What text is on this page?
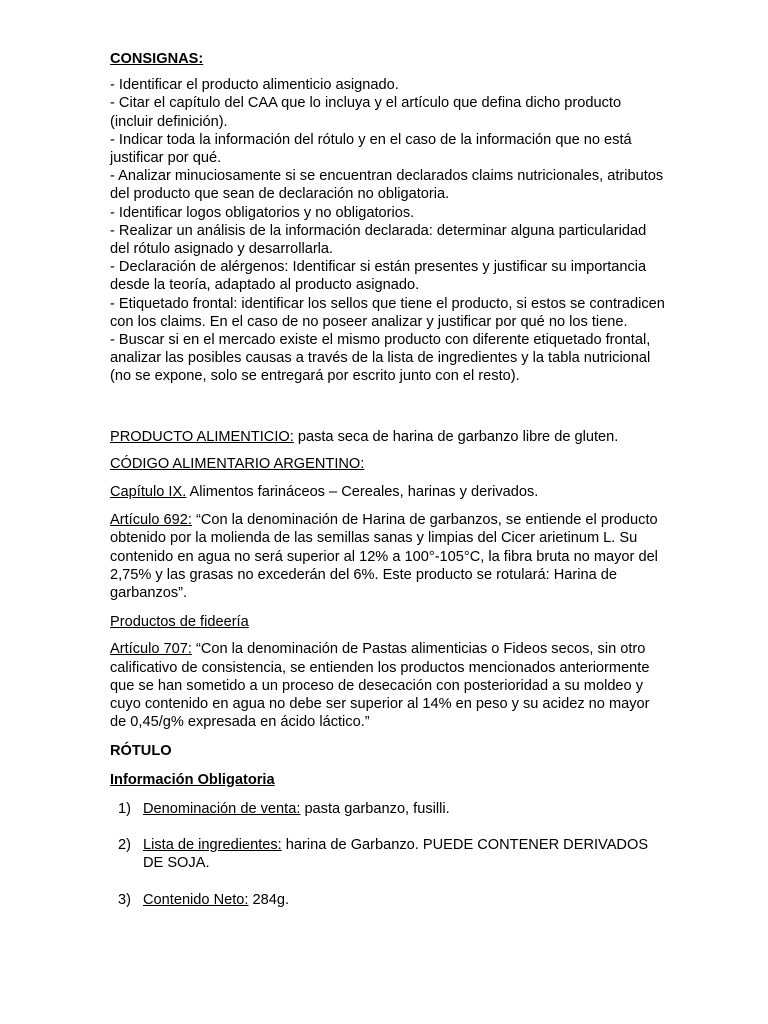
CONSIGNAS:

- Identificar el producto alimenticio asignado.

- Citar el capítulo del CAA que lo incluya y el artículo que defina dicho producto (incluir definición).

- Indicar toda la información del rótulo y en el caso de la información que no está justificar por qué.

- Analizar minuciosamente si se encuentran declarados claims nutricionales, atributos del producto que sean de declaración no obligatoria.

- Identificar logos obligatorios y no obligatorios.

- Realizar un análisis de la información declarada: determinar alguna particularidad del rótulo asignado y desarrollarla.

- Declaración de alérgenos: Identificar si están presentes y justificar su importancia desde la teoría, adaptado al producto asignado.

- Etiquetado frontal: identificar los sellos que tiene el producto, si estos se contradicen con los claims. En el caso de no poseer analizar y justificar por qué no los tiene.

- Buscar si en el mercado existe el mismo producto con diferente etiquetado frontal, analizar las posibles causas a través de la lista de ingredientes y la tabla nutricional (no se expone, solo se entregará por escrito junto con el resto).

PRODUCTO ALIMENTICIO: pasta seca de harina de garbanzo libre de gluten.

CÓDIGO ALIMENTARIO ARGENTINO:

Capítulo IX. Alimentos farináceos – Cereales, harinas y derivados.

Artículo 692: “Con la denominación de Harina de garbanzos, se entiende el producto obtenido por la molienda de las semillas sanas y limpias del Cicer arietinum L. Su contenido en agua no será superior al 12% a 100°-105°C, la fibra bruta no mayor del 2,75% y las grasas no excederán del 6%. Este producto se rotulará: Harina de garbanzos”.

Productos de fideería

Artículo 707: “Con la denominación de Pastas alimenticias o Fideos secos, sin otro calificativo de consistencia, se entienden los productos mencionados anteriormente que se han sometido a un proceso de desecación con posterioridad a su moldeo y cuyo contenido en agua no debe ser superior al 14% en peso y su acidez no mayor de 0,45/g% expresada en ácido láctico.”

RÓTULO

Información Obligatoria

1) Denominación de venta: pasta garbanzo, fusilli.
2) Lista de ingredientes: harina de Garbanzo. PUEDE CONTENER DERIVADOS DE SOJA.
3) Contenido Neto: 284g.
